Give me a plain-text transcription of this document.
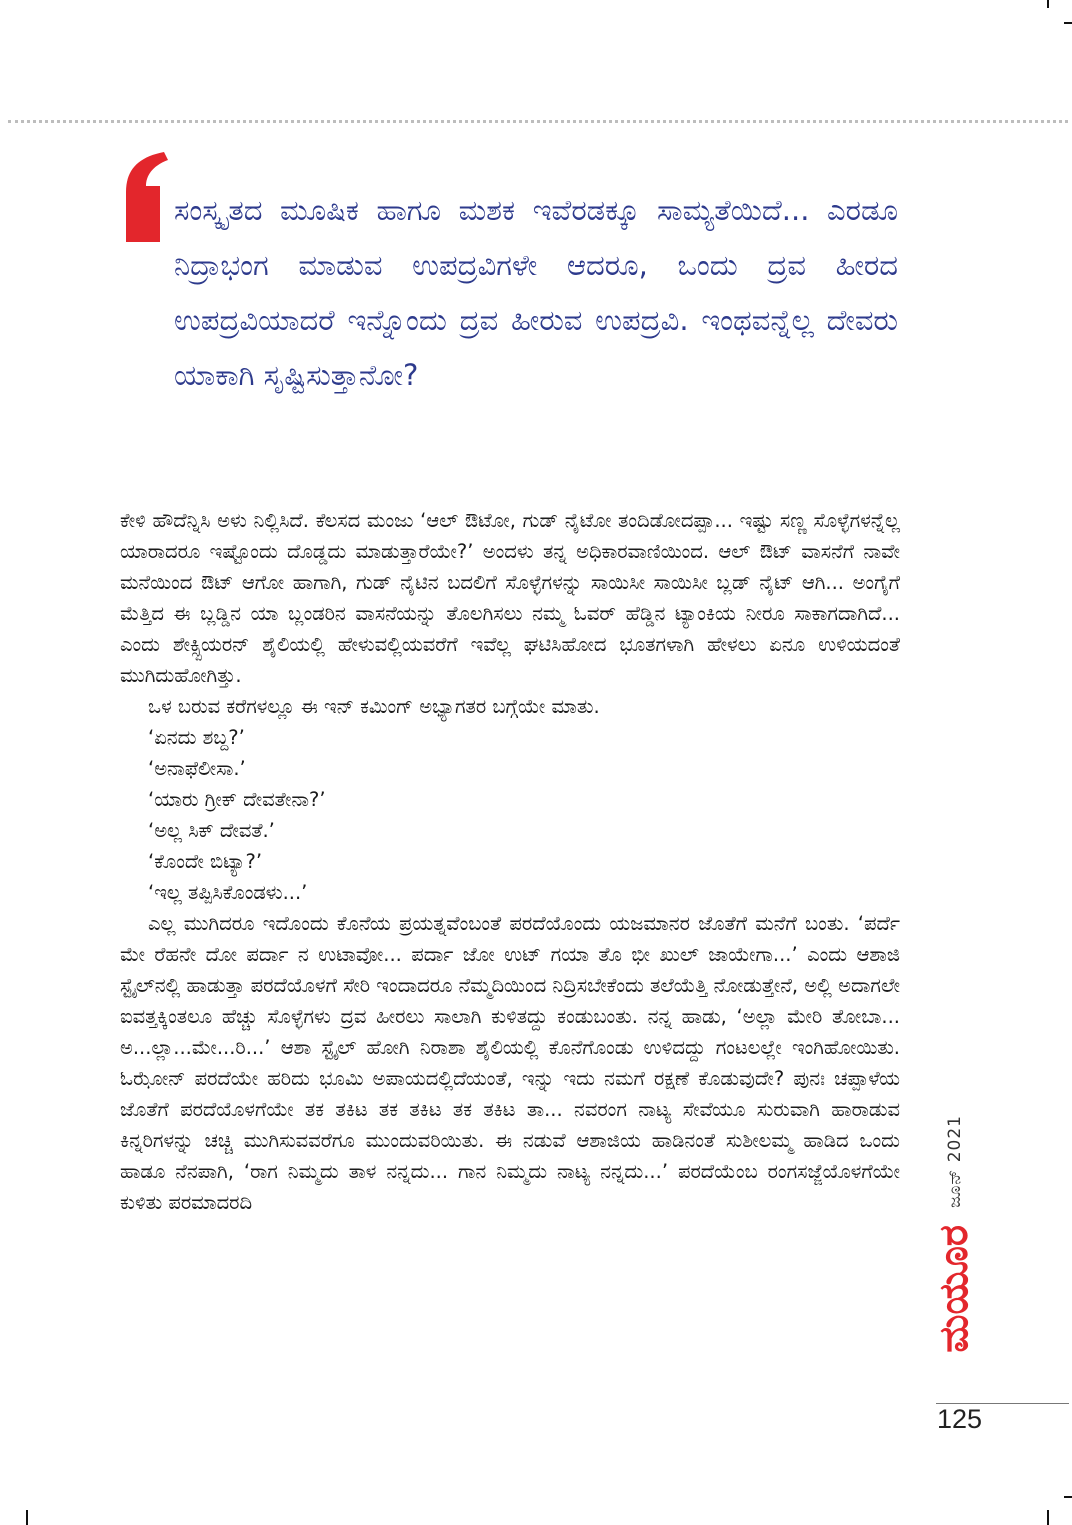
ಸಂಸ್ಕೃತದ ಮೂಷಿಕ ಹಾಗೂ ಮಶಕ ಇವೆರಡಕ್ಕೂ ಸಾಮ್ಯತೆಯಿದೆ... ಎರಡೂ ನಿದ್ರಾಭಂಗ ಮಾಡುವ ಉಪದ್ರವಿಗಳೇ ಆದರೂ, ಒಂದು ದ್ರವ ಹೀರದ ಉಪದ್ರವಿಯಾದರೆ ಇನ್ನೊಂದು ದ್ರವ ಹೀರುವ ಉಪದ್ರವಿ. ಇಂಥವನ್ನೆಲ್ಲ ದೇವರು ಯಾಕಾಗಿ ಸೃಷ್ಟಿಸುತ್ತಾನೋ?

ಕೇಳಿ ಹೌದೆನ್ನಿಸಿ ಅಳು ನಿಲ್ಲಿಸಿದೆ. ಕೆಲಸದ ಮಂಜು ‘ಆಲ್ ಔಟೋ, ಗುಡ್ ನೈಟೋ ತಂದಿಡೋದಪ್ಪಾ... ಇಷ್ಟು ಸಣ್ಣ ಸೊಳ್ಳೆಗಳನ್ನೆಲ್ಲ ಯಾರಾದರೂ ಇಷ್ಟೊಂದು ದೊಡ್ಡದು ಮಾಡುತ್ತಾರೆಯೇ?’ ಅಂದಳು ತನ್ನ ಅಧಿಕಾರವಾಣಿಯಿಂದ. ಆಲ್ ಔಟ್ ವಾಸನೆಗೆ ನಾವೇ ಮನೆಯಿಂದ ಔಟ್ ಆಗೋ ಹಾಗಾಗಿ, ಗುಡ್ ನೈಟಿನ ಬದಲಿಗೆ ಸೊಳ್ಳೆಗಳನ್ನು ಸಾಯಿಸೀ ಸಾಯಿಸೀ ಬ್ಲಡ್ ನೈಟ್ ಆಗಿ... ಅಂಗೈಗೆ ಮೆತ್ತಿದ ಈ ಬ್ಲಡ್ಡಿನ ಯಾ ಬ್ಲಂಡರಿನ ವಾಸನೆಯನ್ನು ತೊಲಗಿಸಲು ನಮ್ಮ ಓವರ್ ಹೆಡ್ಡಿನ ಟ್ಯಾಂಕಿಯ ನೀರೂ ಸಾಕಾಗದಾಗಿದೆ... ಎಂದು ಶೇಕ್ಸ್ಪಿಯರನ್ ಶೈಲಿಯಲ್ಲಿ ಹೇಳುವಲ್ಲಿಯವರೆಗೆ ಇವೆಲ್ಲ ಘಟಿಸಿಹೋದ ಭೂತಗಳಾಗಿ ಹೇಳಲು ಏನೂ ಉಳಿಯದಂತೆ ಮುಗಿದುಹೋಗಿತ್ತು.

ಒಳ ಬರುವ ಕರೆಗಳಲ್ಲೂ ಈ ಇನ್ ಕಮಿಂಗ್ ಅಭ್ಯಾಗತರ ಬಗ್ಗೆಯೇ ಮಾತು.

‘ಏನದು ಶಬ್ದ?’

‘ಅನಾಫೆಲೀಸಾ.’

‘ಯಾರು ಗ್ರೀಕ್ ದೇವತೇನಾ?’

‘ಅಲ್ಲ ಸಿಕ್ ದೇವತೆ.’

‘ಕೊಂದೇ ಬಿಟ್ಯಾ?’

‘ಇಲ್ಲ ತಪ್ಪಿಸಿಕೊಂಡಳು...’

ಎಲ್ಲ ಮುಗಿದರೂ ಇದೊಂದು ಕೊನೆಯ ಪ್ರಯತ್ನವೆಂಬಂತೆ ಪರದೆಯೊಂದು ಯಜಮಾನರ ಜೊತೆಗೆ ಮನೆಗೆ ಬಂತು. ‘ಪರ್ದೆ ಮೇ ರೆಹನೇ ದೋ ಪರ್ದಾ ನ ಉಟಾವೋ... ಪರ್ದಾ ಜೋ ಉಟ್ ಗಯಾ ತೊ ಭೀ ಖುಲ್ ಜಾಯೇಗಾ...’ ಎಂದು ಆಶಾಜಿ ಸ್ಟೈಲ್‌ನಲ್ಲಿ ಹಾಡುತ್ತಾ ಪರದೆಯೊಳಗೆ ಸೇರಿ ಇಂದಾದರೂ ನೆಮ್ಮದಿಯಿಂದ ನಿದ್ರಿಸಬೇಕೆಂದು ತಲೆಯೆತ್ತಿ ನೋಡುತ್ತೇನೆ, ಅಲ್ಲಿ ಅದಾಗಲೇ ಐವತ್ತಕ್ಕಿಂತಲೂ ಹೆಚ್ಚು ಸೊಳ್ಳೆಗಳು ದ್ರವ ಹೀರಲು ಸಾಲಾಗಿ ಕುಳಿತದ್ದು ಕಂಡುಬಂತು. ನನ್ನ ಹಾಡು, ‘ಅಲ್ಲಾ ಮೇರಿ ತೋಬಾ... ಅ...ಲ್ಲಾ...ಮೇ...ರಿ...’ ಆಶಾ ಸ್ಟೈಲ್ ಹೋಗಿ ನಿರಾಶಾ ಶೈಲಿಯಲ್ಲಿ ಕೊನೆಗೊಂಡು ಉಳಿದದ್ದು ಗಂಟಲಲ್ಲೇ ಇಂಗಿಹೋಯಿತು. ಓಝೋನ್ ಪರದೆಯೇ ಹರಿದು ಭೂಮಿ ಅಪಾಯದಲ್ಲಿದೆಯಂತೆ, ಇನ್ನು ಇದು ನಮಗೆ ರಕ್ಷಣೆ ಕೊಡುವುದೇ? ಪುನಃ ಚಪ್ಪಾಳೆಯ ಜೊತೆಗೆ ಪರದೆಯೊಳಗೆಯೇ ತಕ ತಕಿಟ ತಕ ತಕಿಟ ತಕ ತಕಿಟ ತಾ... ನವರಂಗ ನಾಟ್ಯ ಸೇವೆಯೂ ಸುರುವಾಗಿ ಹಾರಾಡುವ ಕಿನ್ನರಿಗಳನ್ನು ಚಚ್ಚಿ ಮುಗಿಸುವವರೆಗೂ ಮುಂದುವರಿಯಿತು. ಈ ನಡುವೆ ಆಶಾಜಿಯ ಹಾಡಿನಂತೆ ಸುಶೀಲಮ್ಮ ಹಾಡಿದ ಒಂದು ಹಾಡೂ ನೆನಪಾಗಿ, ‘ರಾಗ ನಿಮ್ಮದು ತಾಳ ನನ್ನದು... ಗಾನ ನಿಮ್ಮದು ನಾಟ್ಯ ನನ್ನದು...’ ಪರದೆಯೆಂಬ ರಂಗಸಜ್ಜೆಯೊಳಗೆಯೇ ಕುಳಿತು ಪರಮಾದರದಿ	ಜೂನ್ 2021
ಮಯೂರ
125
